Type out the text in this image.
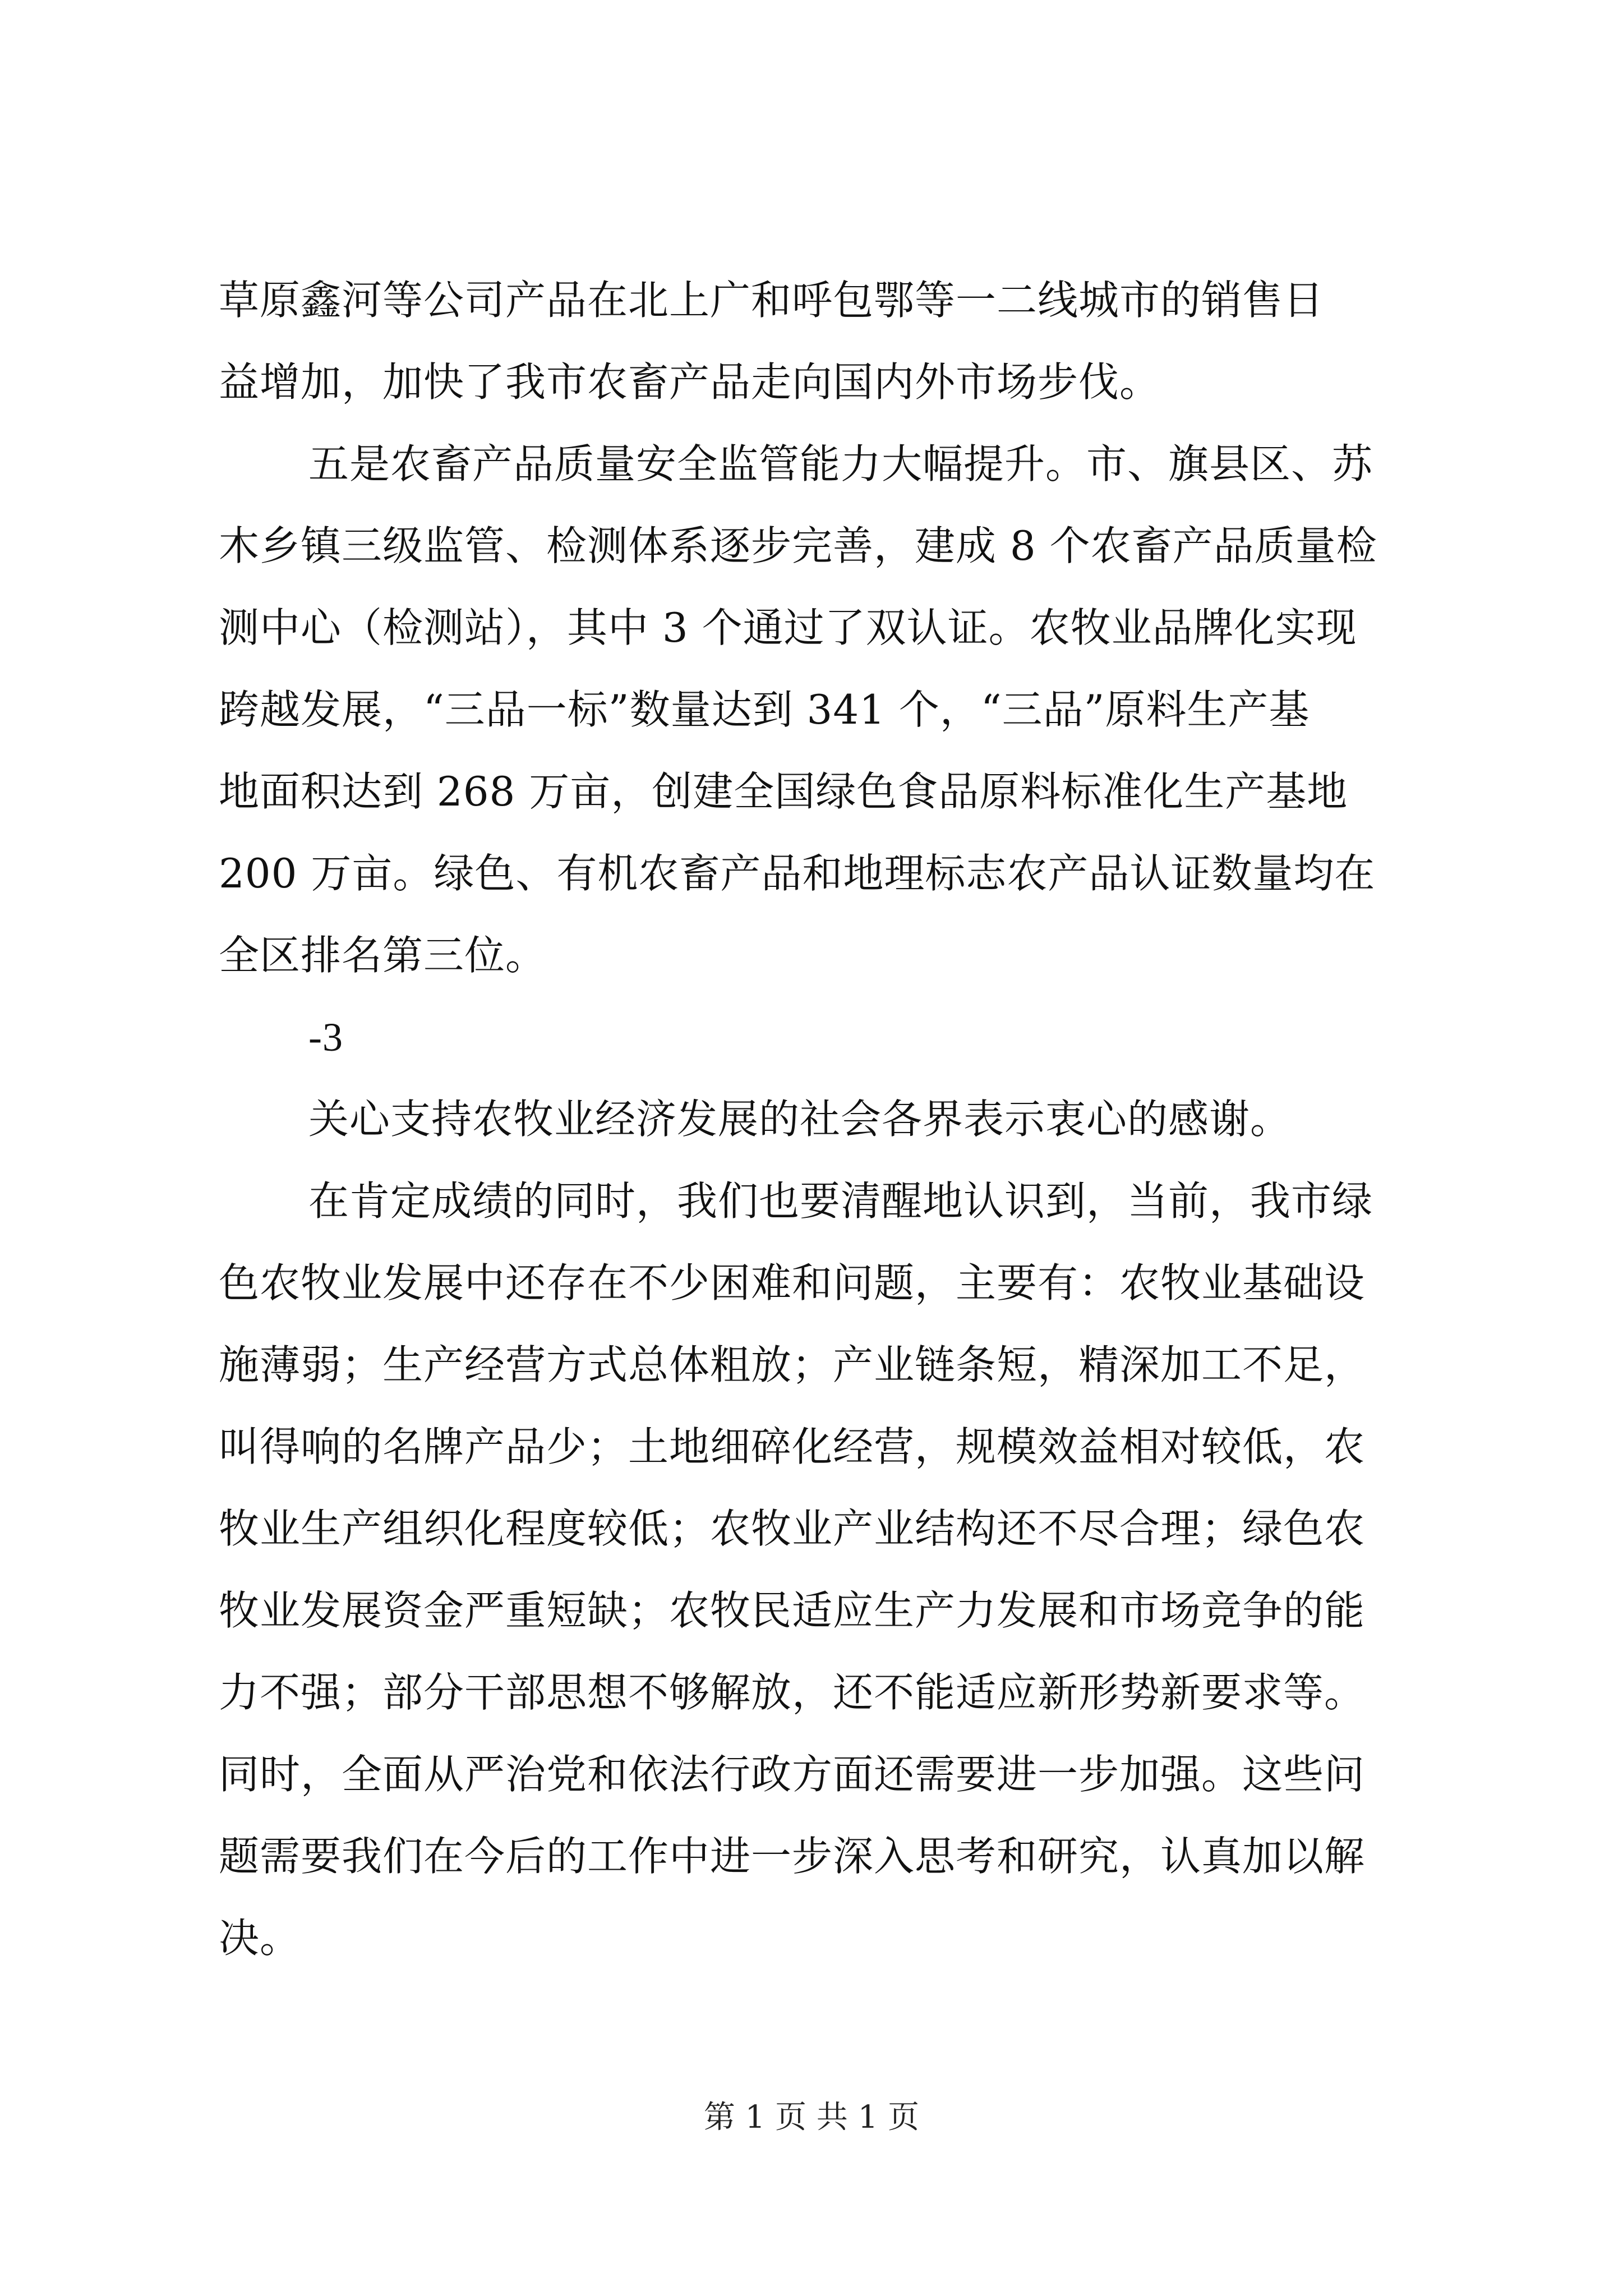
草原鑫河等公司产品在北上广和呼包鄂等一二线城市的销售日
益增加，加快了我市农畜产品走向国内外市场步伐。
五是农畜产品质量安全监管能力大幅提升。市、旗县区、苏
木乡镇三级监管、检测体系逐步完善，建成 8 个农畜产品质量检
测中心（检测站），其中 3 个通过了双认证。农牧业品牌化实现
跨越发展，“三品一标”数量达到 341 个，“三品”原料生产基
地面积达到 268 万亩，创建全国绿色食品原料标准化生产基地
200 万亩。绿色、有机农畜产品和地理标志农产品认证数量均在
全区排名第三位。
-3
关心支持农牧业经济发展的社会各界表示衷心的感谢。
在肯定成绩的同时，我们也要清醒地认识到，当前，我市绿
色农牧业发展中还存在不少困难和问题，主要有：农牧业基础设
施薄弱；生产经营方式总体粗放；产业链条短，精深加工不足，
叫得响的名牌产品少；土地细碎化经营，规模效益相对较低，农
牧业生产组织化程度较低；农牧业产业结构还不尽合理；绿色农
牧业发展资金严重短缺；农牧民适应生产力发展和市场竞争的能
力不强；部分干部思想不够解放，还不能适应新形势新要求等。
同时，全面从严治党和依法行政方面还需要进一步加强。这些问
题需要我们在今后的工作中进一步深入思考和研究，认真加以解
决。
第 1 页 共 1 页
